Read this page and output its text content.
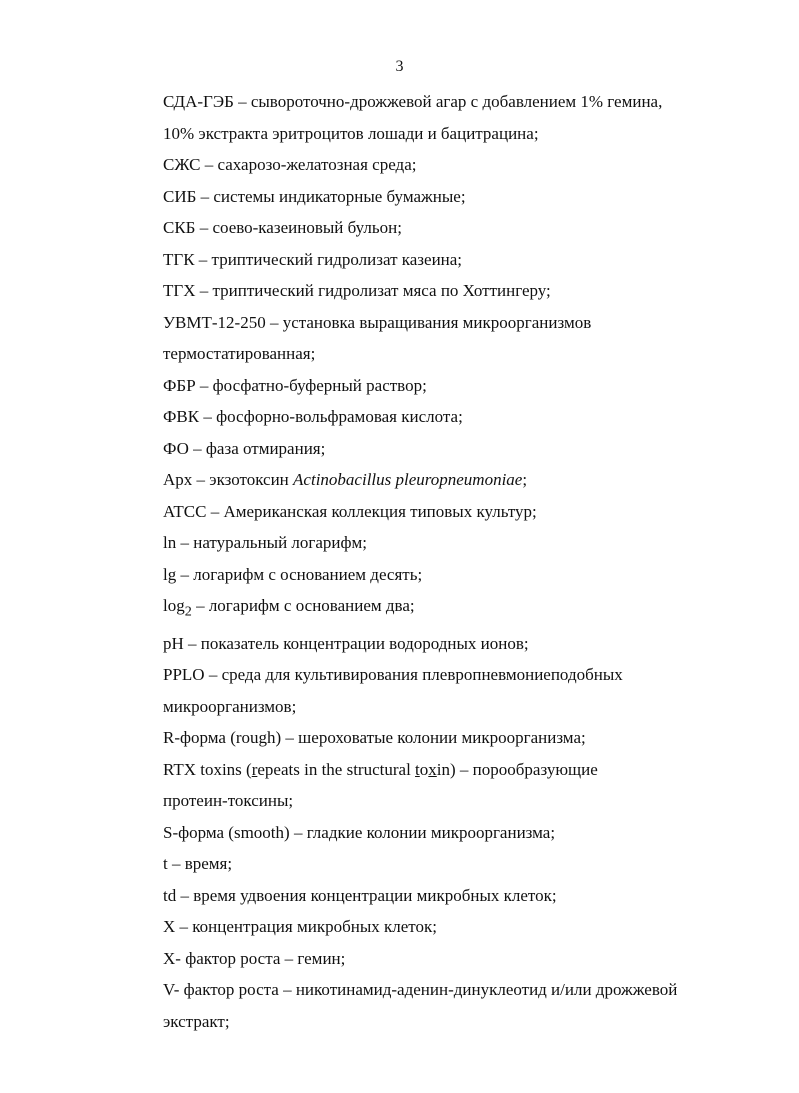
3
СДА-ГЭБ – сывороточно-дрожжевой агар с добавлением 1% гемина,
10% экстракта эритроцитов лошади и бацитрацина;
СЖС – сахарозо-желатозная среда;
СИБ – системы индикаторные бумажные;
СКБ – соево-казеиновый бульон;
ТГК – триптический гидролизат казеина;
ТГХ – триптический гидролизат мяса по Хоттингеру;
УВМТ-12-250 – установка выращивания микроорганизмов
термостатированная;
ФБР – фосфатно-буферный раствор;
ФВК – фосфорно-вольфрамовая кислота;
ФО – фаза отмирания;
Apx – экзотоксин Actinobacillus pleuropneumoniae;
ATCC – Американская коллекция типовых культур;
ln – натуральный логарифм;
lg – логарифм с основанием десять;
$\log_2$ – логарифм с основанием два;
pH – показатель концентрации водородных ионов;
PPLO – среда для культивирования плевропневмониеподобных
микроорганизмов;
R-форма (rough) – шероховатые колонии микроорганизма;
RTX toxins (repeats in the structural toxin) – порообразующие
протеин-токсины;
S-форма (smooth) – гладкие колонии микроорганизма;
t – время;
td – время удвоения концентрации микробных клеток;
X – концентрация микробных клеток;
X- фактор роста – гемин;
V- фактор роста – никотинамид-аденин-динуклеотид и/или дрожжевой
экстракт;
